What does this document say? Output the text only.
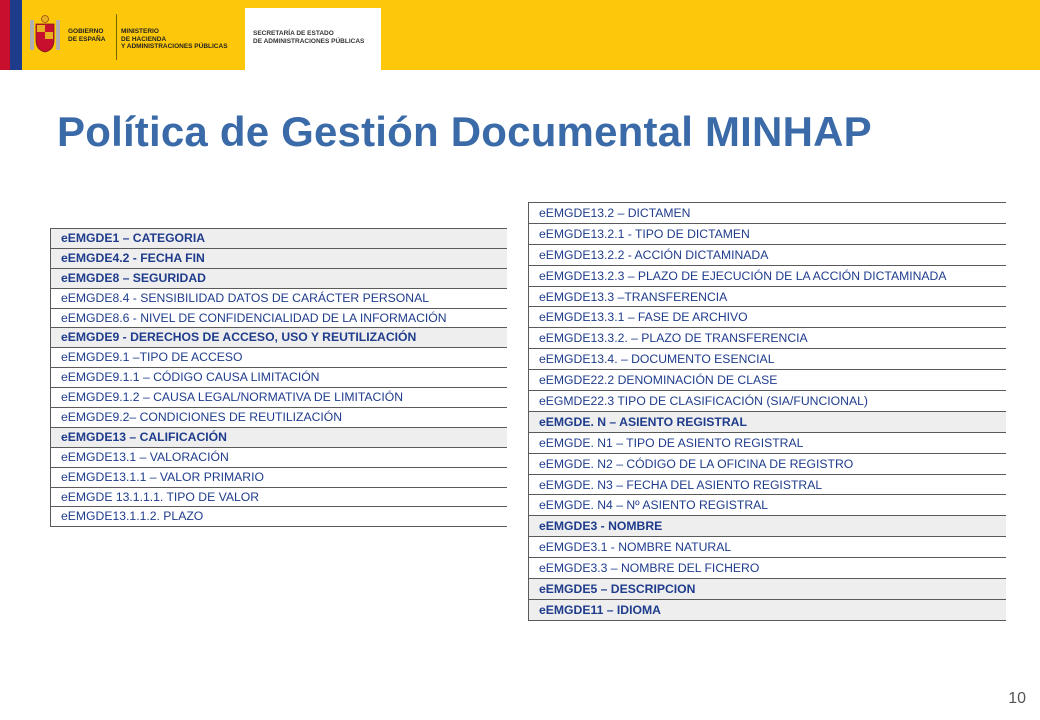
★
★
★
★
★
GOBIERNO
DE ESPAÑA
MINISTERIO
DE HACIENDA
Y ADMINISTRACIONES PÚBLICAS
SECRETARÍA DE ESTADO
DE ADMINISTRACIONES PÚBLICAS
Política de Gestión Documental MINHAP
eEMGDE1 – CATEGORIA
eEMGDE4.2 - FECHA FIN
eEMGDE8 – SEGURIDAD
eEMGDE8.4 - SENSIBILIDAD DATOS DE CARÁCTER PERSONAL
eEMGDE8.6 - NIVEL DE CONFIDENCIALIDAD DE LA INFORMACIÓN
eEMGDE9 - DERECHOS DE ACCESO, USO Y REUTILIZACIÓN
eEMGDE9.1 –TIPO DE ACCESO
eEMGDE9.1.1 – CÓDIGO CAUSA LIMITACIÓN
eEMGDE9.1.2 – CAUSA LEGAL/NORMATIVA DE LIMITACIÓN
eEMGDE9.2– CONDICIONES DE REUTILIZACIÓN
eEMGDE13 – CALIFICACIÓN
eEMGDE13.1 – VALORACIÓN
eEMGDE13.1.1 – VALOR PRIMARIO
eEMGDE 13.1.1.1. TIPO DE VALOR
eEMGDE13.1.1.2. PLAZO
eEMGDE13.2 – DICTAMEN
eEMGDE13.2.1 - TIPO DE DICTAMEN
eEMGDE13.2.2 - ACCIÓN DICTAMINADA
eEMGDE13.2.3 – PLAZO DE EJECUCIÓN DE LA ACCIÓN DICTAMINADA
eEMGDE13.3 –TRANSFERENCIA
eEMGDE13.3.1 – FASE DE ARCHIVO
eEMGDE13.3.2. – PLAZO DE TRANSFERENCIA
eEMGDE13.4. – DOCUMENTO ESENCIAL
eEMGDE22.2 DENOMINACIÓN DE CLASE
eEGMDE22.3 TIPO DE CLASIFICACIÓN (SIA/FUNCIONAL)
eEMGDE. N – ASIENTO REGISTRAL
eEMGDE. N1 – TIPO DE ASIENTO REGISTRAL
eEMGDE. N2 – CÓDIGO DE LA OFICINA DE REGISTRO
eEMGDE. N3 – FECHA DEL ASIENTO REGISTRAL
eEMGDE. N4 – Nº ASIENTO REGISTRAL
eEMGDE3 - NOMBRE
eEMGDE3.1 - NOMBRE NATURAL
eEMGDE3.3 – NOMBRE DEL FICHERO
eEMGDE5 – DESCRIPCION
eEMGDE11 – IDIOMA
10
